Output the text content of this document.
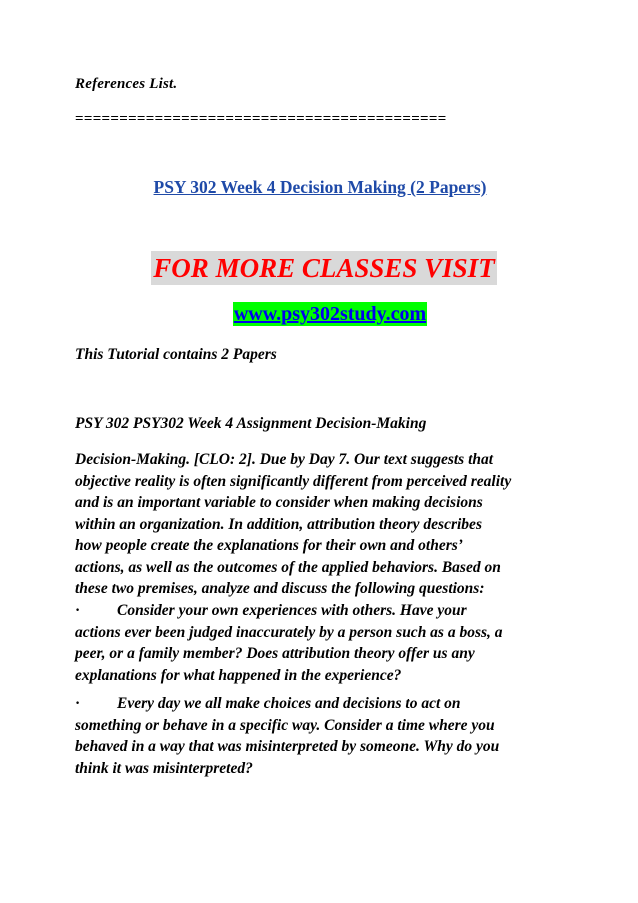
References List.
==========================================
PSY 302 Week 4 Decision Making (2 Papers)
FOR MORE CLASSES VISIT
www.psy302study.com
This Tutorial contains 2 Papers
PSY 302 PSY302 Week 4 Assignment Decision-Making
Decision-Making. [CLO: 2]. Due by Day 7. Our text suggests that
objective reality is often significantly different from perceived reality
and is an important variable to consider when making decisions
within an organization. In addition, attribution theory describes
how people create the explanations for their own and others’
actions, as well as the outcomes of the applied behaviors. Based on
these two premises, analyze and discuss the following questions:
· Consider your own experiences with others. Have your
actions ever been judged inaccurately by a person such as a boss, a
peer, or a family member? Does attribution theory offer us any
explanations for what happened in the experience?
· Every day we all make choices and decisions to act on
something or behave in a specific way. Consider a time where you
behaved in a way that was misinterpreted by someone. Why do you
think it was misinterpreted?
